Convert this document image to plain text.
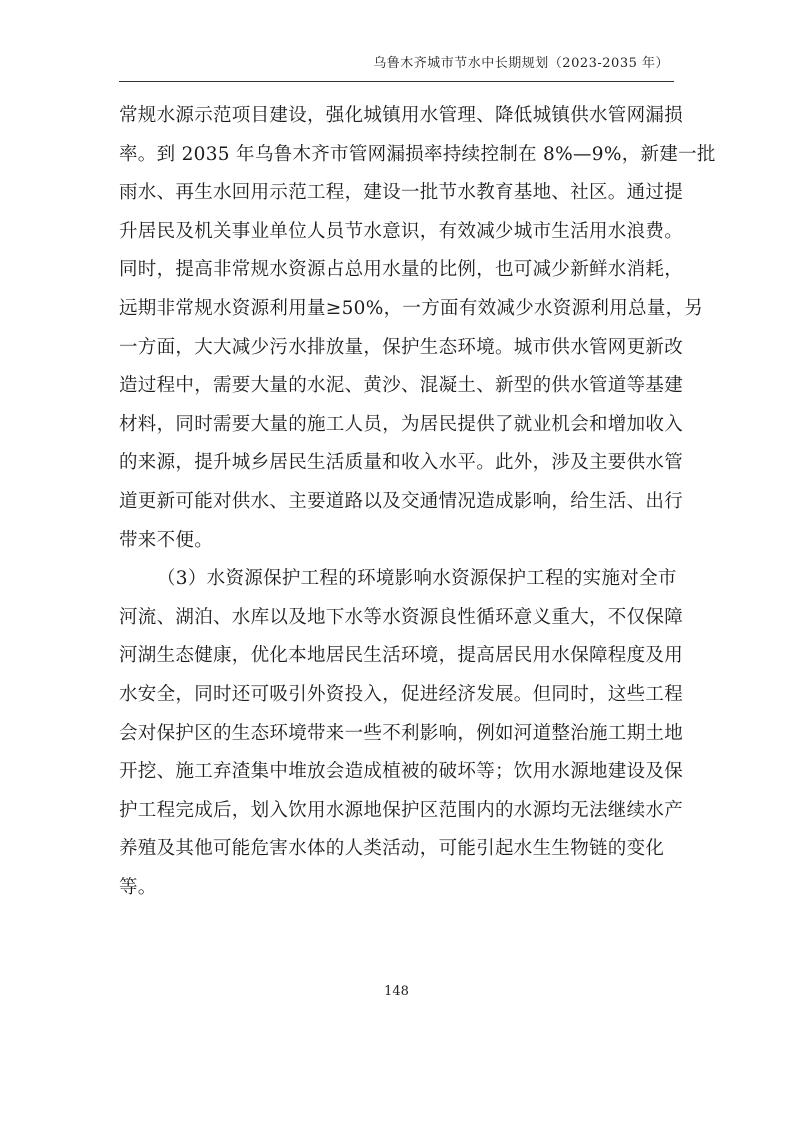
乌鲁木齐城市节水中长期规划（2023-2035 年）
常规水源示范项目建设，强化城镇用水管理、降低城镇供水管网漏损
率。到 2035 年乌鲁木齐市管网漏损率持续控制在 8%—9%，新建一批
雨水、再生水回用示范工程，建设一批节水教育基地、社区。通过提
升居民及机关事业单位人员节水意识，有效减少城市生活用水浪费。
同时，提高非常规水资源占总用水量的比例，也可减少新鲜水消耗，
远期非常规水资源利用量≥50%，一方面有效减少水资源利用总量，另
一方面，大大减少污水排放量，保护生态环境。城市供水管网更新改
造过程中，需要大量的水泥、黄沙、混凝土、新型的供水管道等基建
材料，同时需要大量的施工人员，为居民提供了就业机会和增加收入
的来源，提升城乡居民生活质量和收入水平。此外，涉及主要供水管
道更新可能对供水、主要道路以及交通情况造成影响，给生活、出行
带来不便。
（3）水资源保护工程的环境影响水资源保护工程的实施对全市
河流、湖泊、水库以及地下水等水资源良性循环意义重大，不仅保障
河湖生态健康，优化本地居民生活环境，提高居民用水保障程度及用
水安全，同时还可吸引外资投入，促进经济发展。但同时，这些工程
会对保护区的生态环境带来一些不利影响，例如河道整治施工期土地
开挖、施工弃渣集中堆放会造成植被的破坏等；饮用水源地建设及保
护工程完成后，划入饮用水源地保护区范围内的水源均无法继续水产
养殖及其他可能危害水体的人类活动，可能引起水生生物链的变化
等。
148
